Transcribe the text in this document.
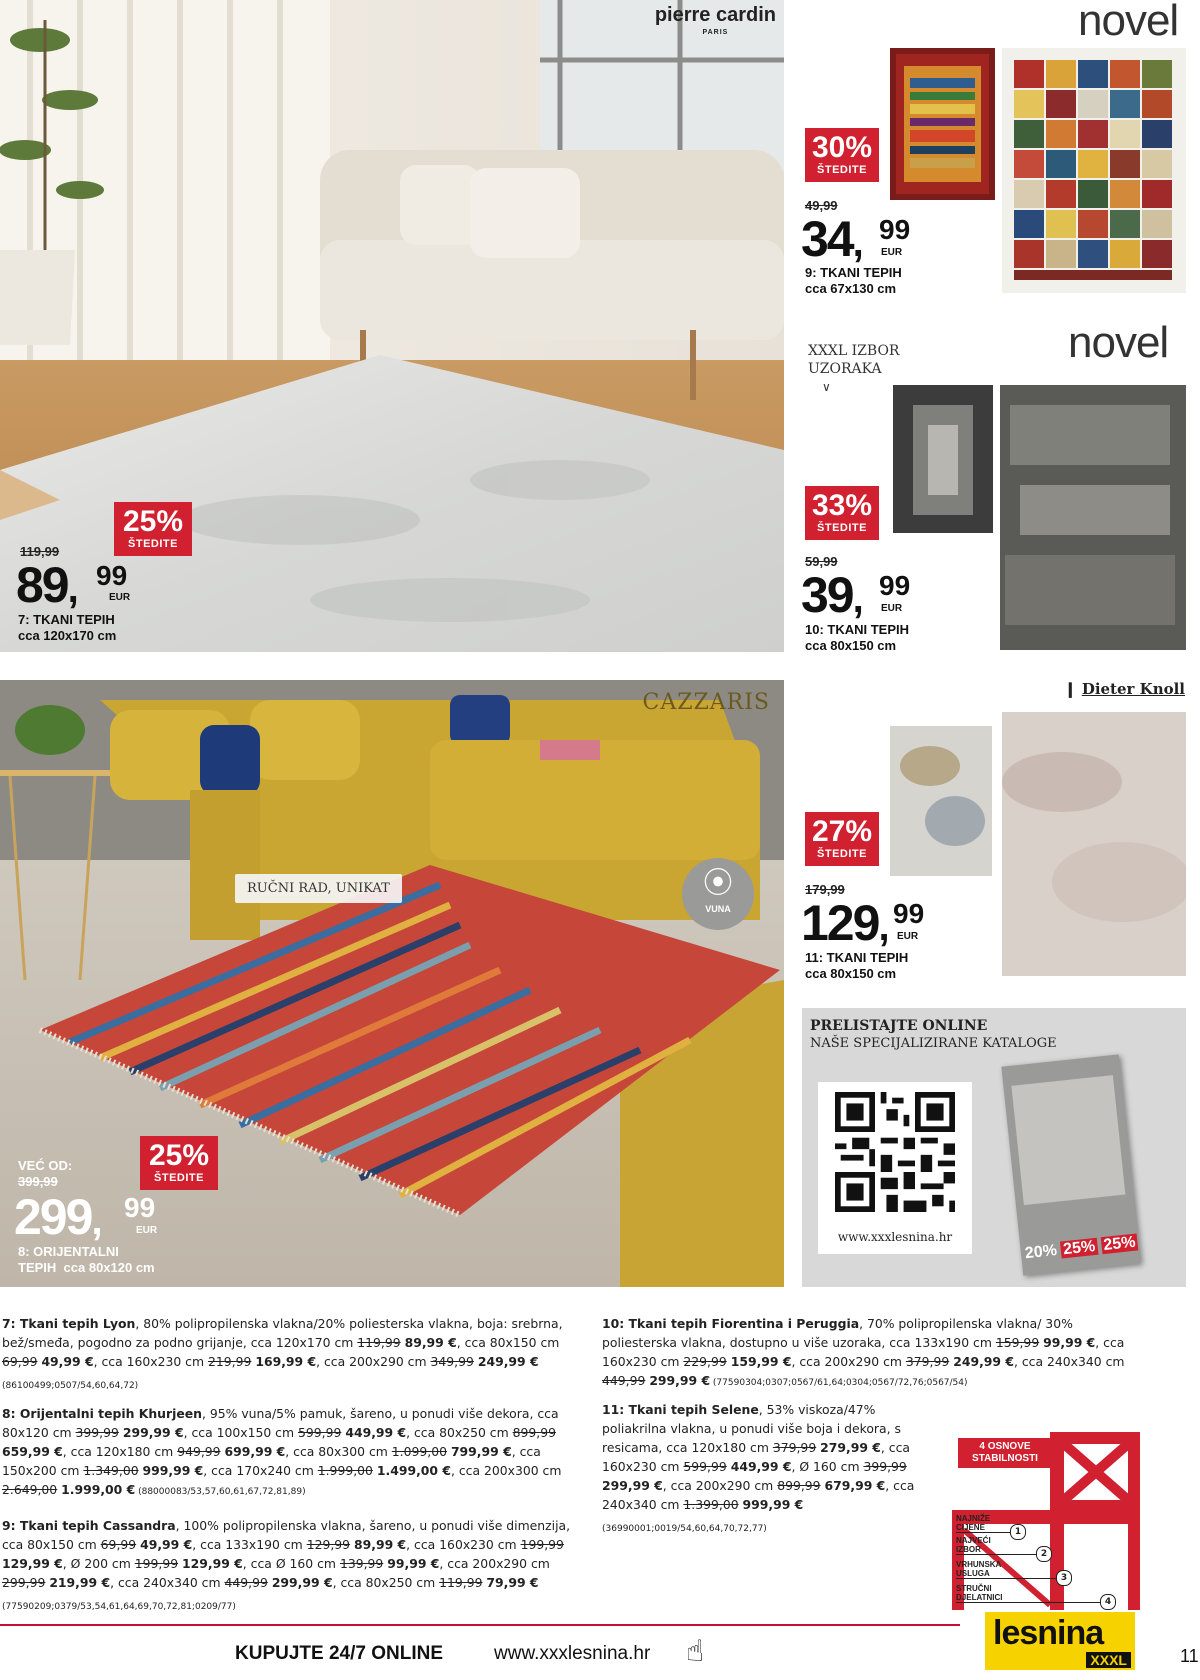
pierre cardin
PARIS
25%
ŠTEDITE
119,99
89, 99
EUR
7: TKANI TEPIH
cca 120x170 cm
novel
30%
ŠTEDITE
49,99
34, 99
EUR
9: TKANI TEPIH
cca 67x130 cm
novel
XXXL IZBOR
UZORAKA
∨
33%
ŠTEDITE
59,99
39, 99
EUR
10: TKANI TEPIH
cca 80x150 cm
CAZZARIS
RUČNI RAD, UNIKAT	⦿
VUNA
25%
ŠTEDITE
VEĆ OD:
399,99
299, 99
EUR
8: ORIJENTALNI
TEPIH cca 80x120 cm
❙ Dieter Knoll
27%
ŠTEDITE
179,99
129, 99
EUR
11: TKANI TEPIH
cca 80x150 cm
PRELISTAJTE ONLINE
NAŠE SPECIJALIZIRANE KATALOGE
www.xxxlesnina.hr
20% 25% 25%
7: Tkani tepih Lyon, 80% polipropilenska vlakna/20% poliesterska vlakna, boja: srebrna, bež/smeđa, pogodno za podno grijanje, cca 120x170 cm 119,99 89,99 €, cca 80x150 cm 69,99 49,99 €, cca 160x230 cm 219,99 169,99 €, cca 200x290 cm 349,99 249,99 € (86100499;0507/54,60,64,72)
8: Orijentalni tepih Khurjeen, 95% vuna/5% pamuk, šareno, u ponudi više dekora, cca 80x120 cm 399,99 299,99 €, cca 100x150 cm 599,99 449,99 €, cca 80x250 cm 899,99 659,99 €, cca 120x180 cm 949,99 699,99 €, cca 80x300 cm 1.099,00 799,99 €, cca 150x200 cm 1.349,00 999,99 €, cca 170x240 cm 1.999,00 1.499,00 €, cca 200x300 cm 2.649,00 1.999,00 € (88000083/53,57,60,61,67,72,81,89)
9: Tkani tepih Cassandra, 100% polipropilenska vlakna, šareno, u ponudi više dimenzija, cca 80x150 cm 69,99 49,99 €, cca 133x190 cm 129,99 89,99 €, cca 160x230 cm 199,99 129,99 €, Ø 200 cm 199,99 129,99 €, cca Ø 160 cm 139,99 99,99 €, cca 200x290 cm 299,99 219,99 €, cca 240x340 cm 449,99 299,99 €, cca 80x250 cm 119,99 79,99 € (77590209;0379/53,54,61,64,69,70,72,81;0209/77)
10: Tkani tepih Fiorentina i Peruggia, 70% polipropilenska vlakna/ 30% poliesterska vlakna, dostupno u više uzoraka, cca 133x190 cm 159,99 99,99 €, cca 160x230 cm 229,99 159,99 €, cca 200x290 cm 379,99 249,99 €, cca 240x340 cm 449,99 299,99 € (77590304;0307;0567/61,64;0304;0567/72,76;0567/54)
11: Tkani tepih Selene, 53% viskoza/47% poliakrilna vlakna, u ponudi više boja i dekora, s resicama, cca 120x180 cm 379,99 279,99 €, cca 160x230 cm 599,99 449,99 €, Ø 160 cm 399,99 299,99 €, cca 200x290 cm 899,99 679,99 €, cca 240x340 cm 1.399,00 999,99 € (36990001;0019/54,60,64,70,72,77)
4 OSNOVE
STABILNOSTI
NAJNIŽE
CIJENE	1
NAJVEĆI
IZBOR	2
VRHUNSKA
USLUGA	3
STRUČNI
DJELATNICI	4
KUPUJTE 24/7 ONLINE	www.xxxlesnina.hr ☝	lesnina
XXXL	11
